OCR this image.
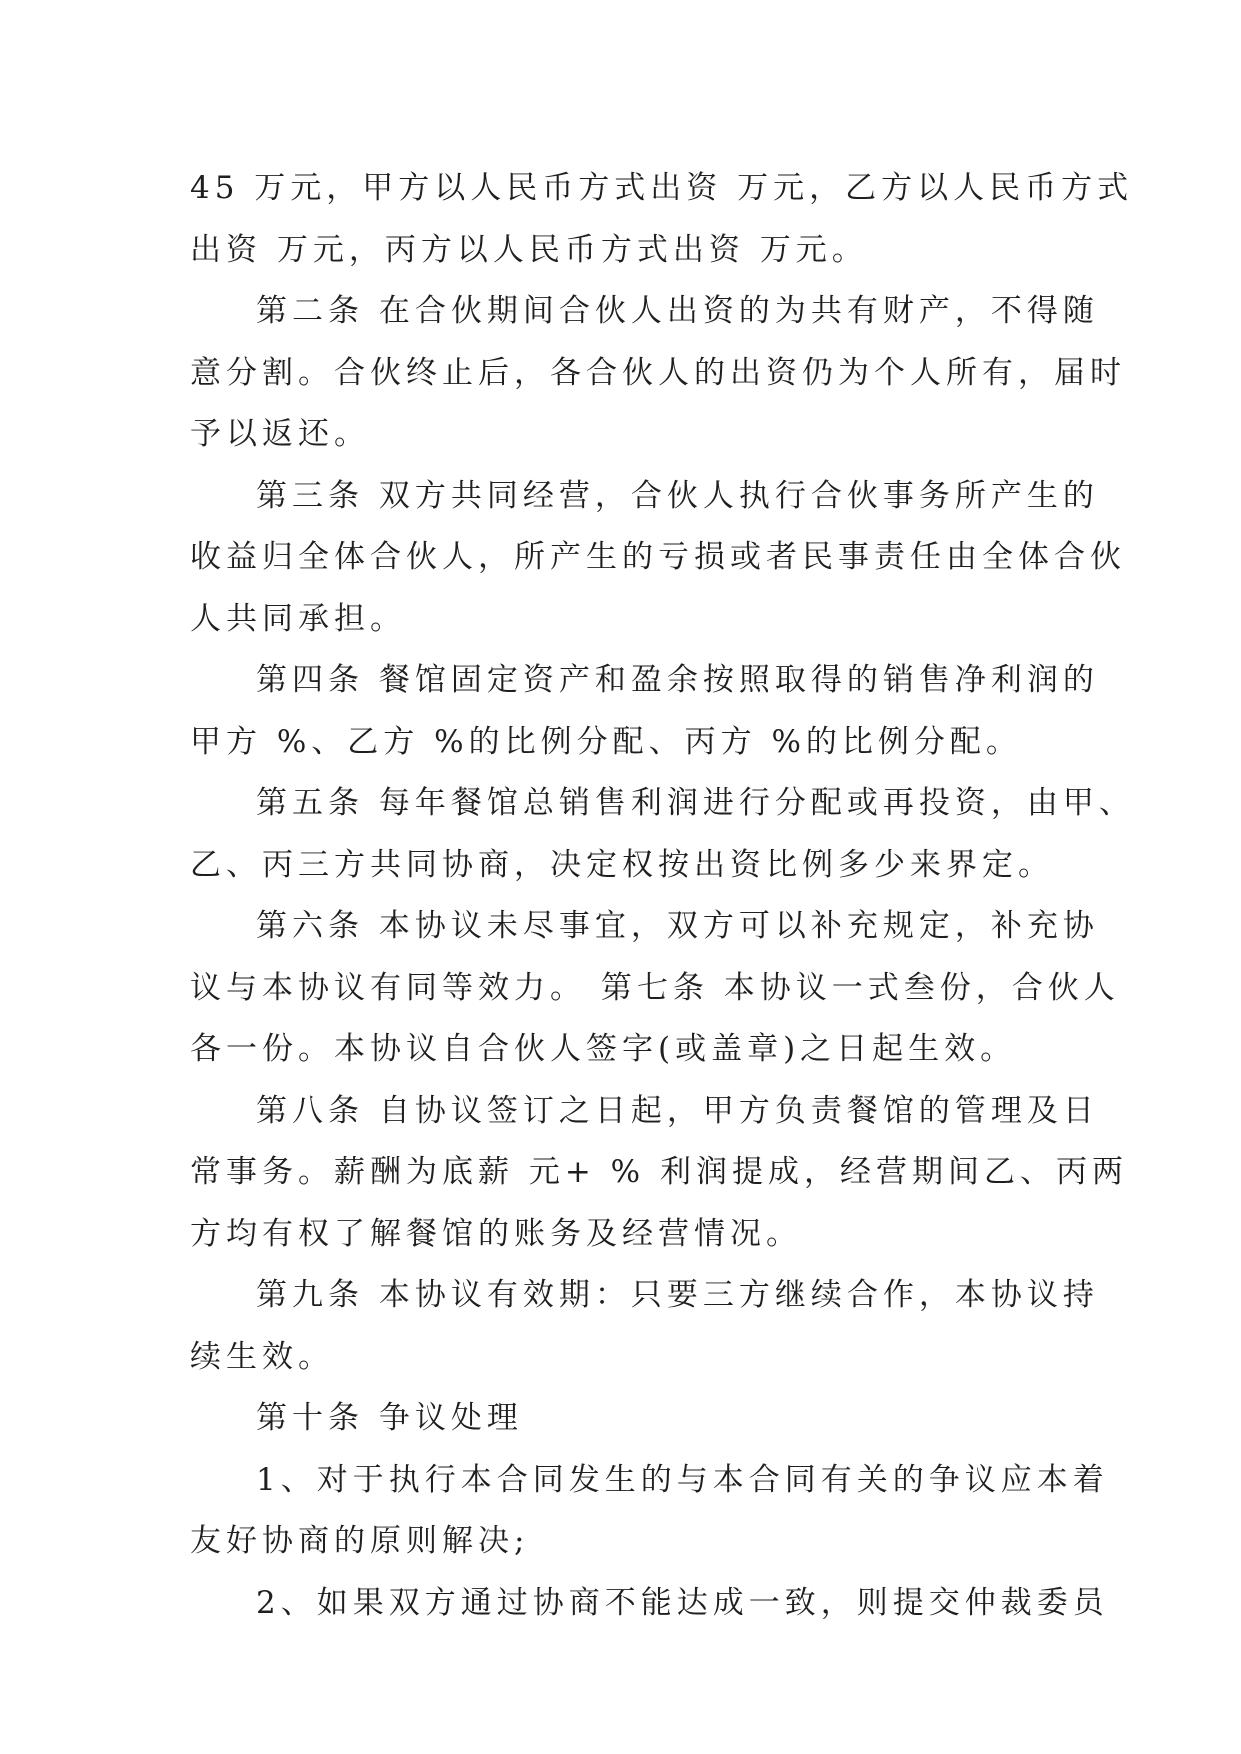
45 万元，甲方以人民币方式出资 万元，乙方以人民币方式
出资 万元，丙方以人民币方式出资 万元。
第二条 在合伙期间合伙人出资的为共有财产，不得随
意分割。合伙终止后，各合伙人的出资仍为个人所有，届时
予以返还。
第三条 双方共同经营，合伙人执行合伙事务所产生的
收益归全体合伙人，所产生的亏损或者民事责任由全体合伙
人共同承担。
第四条 餐馆固定资产和盈余按照取得的销售净利润的
甲方 %、乙方 %的比例分配、丙方 %的比例分配。
第五条 每年餐馆总销售利润进行分配或再投资，由甲、
乙、丙三方共同协商，决定权按出资比例多少来界定。
第六条 本协议未尽事宜，双方可以补充规定，补充协
议与本协议有同等效力。 第七条 本协议一式叁份，合伙人
各一份。本协议自合伙人签字(或盖章)之日起生效。
第八条 自协议签订之日起，甲方负责餐馆的管理及日
常事务。薪酬为底薪 元+ % 利润提成，经营期间乙、丙两
方均有权了解餐馆的账务及经营情况。
第九条 本协议有效期：只要三方继续合作，本协议持
续生效。
第十条 争议处理
1、对于执行本合同发生的与本合同有关的争议应本着
友好协商的原则解决;
2、如果双方通过协商不能达成一致，则提交仲裁委员
